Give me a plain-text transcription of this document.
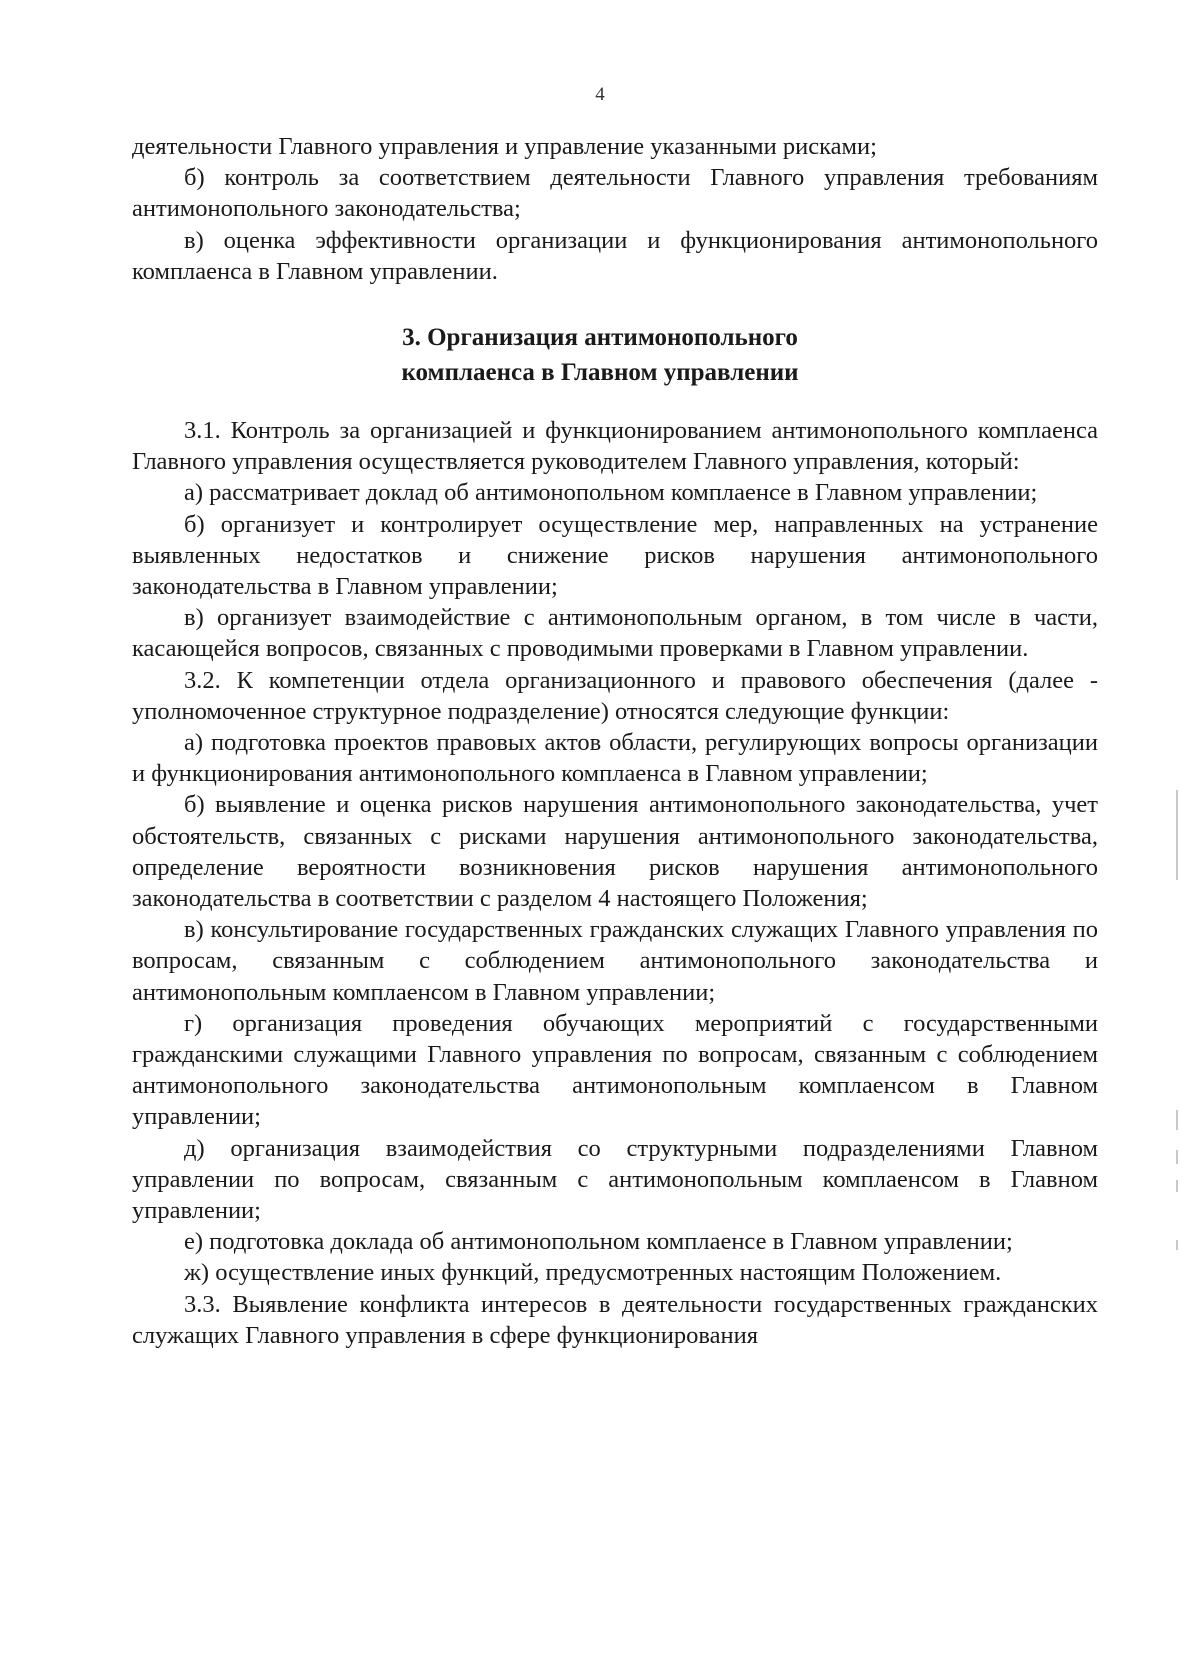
4

деятельности Главного управления и управление указанными рисками;

б) контроль за соответствием деятельности Главного управления требованиям антимонопольного законодательства;

в) оценка эффективности организации и функционирования антимонопольного комплаенса в Главном управлении.

3. Организация антимонопольного
комплаенса в Главном управлении

3.1. Контроль за организацией и функционированием антимонопольного комплаенса Главного управления осуществляется руководителем Главного управления, который:

а) рассматривает доклад об антимонопольном комплаенсе в Главном управлении;

б) организует и контролирует осуществление мер, направленных на устранение выявленных недостатков и снижение рисков нарушения антимонопольного законодательства в Главном управлении;

в) организует взаимодействие с антимонопольным органом, в том числе в части, касающейся вопросов, связанных с проводимыми проверками в Главном управлении.

3.2. К компетенции отдела организационного и правового обеспечения (далее - уполномоченное структурное подразделение) относятся следующие функции:

а) подготовка проектов правовых актов области, регулирующих вопросы организации и функционирования антимонопольного комплаенса в Главном управлении;

б) выявление и оценка рисков нарушения антимонопольного законодательства, учет обстоятельств, связанных с рисками нарушения антимонопольного законодательства, определение вероятности возникновения рисков нарушения антимонопольного законодательства в соответствии с разделом 4 настоящего Положения;

в) консультирование государственных гражданских служащих Главного управления по вопросам, связанным с соблюдением антимонопольного законодательства и антимонопольным комплаенсом в Главном управлении;

г) организация проведения обучающих мероприятий с государственными гражданскими служащими Главного управления по вопросам, связанным с соблюдением антимонопольного законодательства антимонопольным комплаенсом в Главном управлении;

д) организация взаимодействия со структурными подразделениями Главном управлении по вопросам, связанным с антимонопольным комплаенсом в Главном управлении;

е) подготовка доклада об антимонопольном комплаенсе в Главном управлении;

ж) осуществление иных функций, предусмотренных настоящим Положением.

3.3. Выявление конфликта интересов в деятельности государственных гражданских служащих Главного управления в сфере функционирования
